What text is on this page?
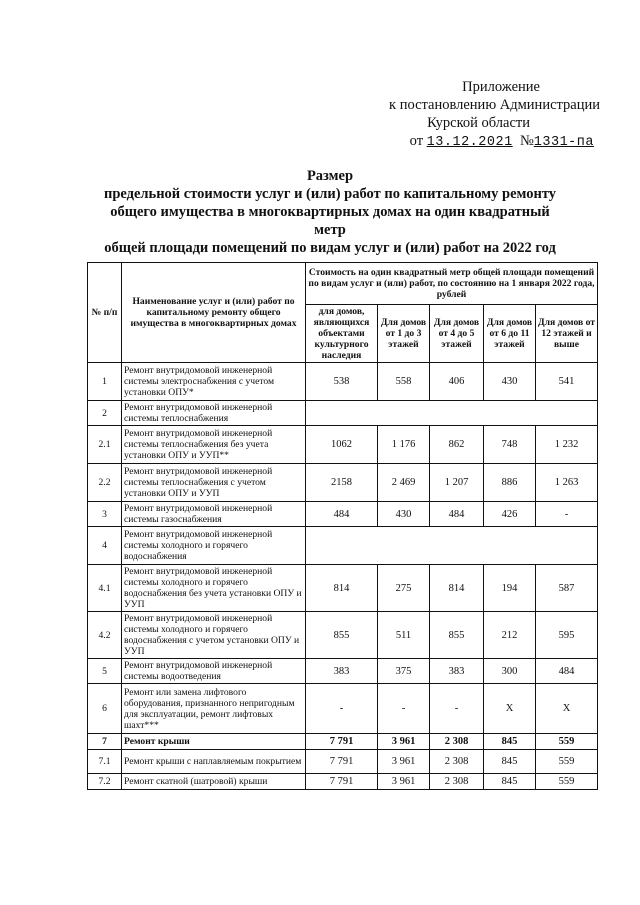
Приложение
к постановлению Администрации
Курской области
от 13.12.2021 №1331-па
Размер
предельной стоимости услуг и (или) работ по капитальному ремонту
общего имущества в многоквартирных домах на один квадратный
метр
общей площади помещений по видам услуг и (или) работ на 2022 год
№ п/п	Наименование услуг и (или) работ по капитальному ремонту общего имущества в многоквартирных домах	Стоимость на один квадратный метр общей площади помещений по видам услуг и (или) работ, по состоянию на 1 января 2022 года, рублей				
		для домов, являющихся объектами культурного наследия	Для домов от 1 до 3 этажей	Для домов от 4 до 5 этажей	Для домов от 6 до 11 этажей	Для домов от 12 этажей и выше
1	Ремонт внутридомовой инженерной системы электроснабжения с учетом установки ОПУ*	538	558	406	430	541
2	Ремонт внутридомовой инженерной системы теплоснабжения					
2.1	Ремонт внутридомовой инженерной системы теплоснабжения без учета установки ОПУ и УУП**	1062	1 176	862	748	1 232
2.2	Ремонт внутридомовой инженерной системы теплоснабжения с учетом установки ОПУ и УУП	2158	2 469	1 207	886	1 263
3	Ремонт внутридомовой инженерной системы газоснабжения	484	430	484	426	-
4	Ремонт внутридомовой инженерной системы холодного и горячего водоснабжения					
4.1	Ремонт внутридомовой инженерной системы холодного и горячего водоснабжения без учета установки ОПУ и УУП	814	275	814	194	587
4.2	Ремонт внутридомовой инженерной системы холодного и горячего водоснабжения с учетом установки ОПУ и УУП	855	511	855	212	595
5	Ремонт внутридомовой инженерной системы водоотведения	383	375	383	300	484
6	Ремонт или замена лифтового оборудования, признанного непригодным для эксплуатации, ремонт лифтовых шахт***	-	-	-	Х	Х
7	Ремонт крыши	7 791	3 961	2 308	845	559
7.1	Ремонт крыши с наплавляемым покрытием	7 791	3 961	2 308	845	559
7.2	Ремонт скатной (шатровой) крыши	7 791	3 961	2 308	845	559
